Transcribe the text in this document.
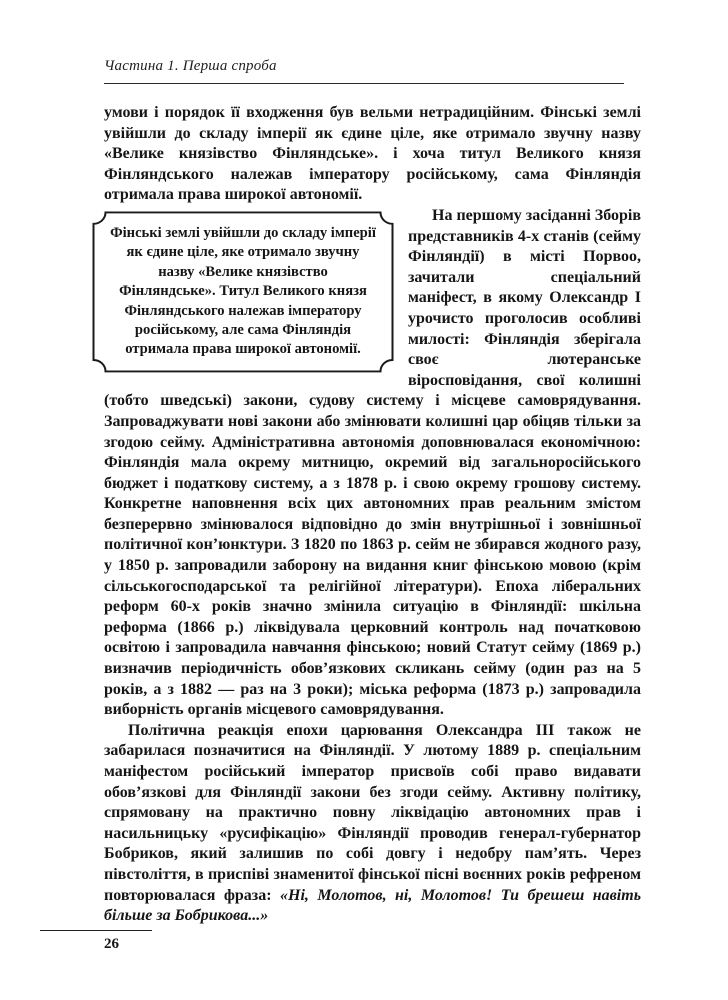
Частина 1. Перша спроба

умови і порядок її входження був вельми нетрадиційним. Фінські землі увійшли до складу імперії як єдине ціле, яке отримало звучну назву «Велике князівство Фінляндське». і хоча титул Великого князя Фінляндського належав імператору російському, сама Фінляндія отримала права широкої автономії.

Фінські землі увійшли до складу імперії як єдине ціле, яке отримало звучну назву «Велике князівство Фінляндське». Титул Великого князя Фінляндського належав імператору російському, але сама Фінляндія отримала права широкої автономії.

На першому засіданні Зборів представників 4-х станів (сейму Фінляндії) в місті Порвоо, зачитали спеціальний маніфест, в якому Олександр I урочисто проголосив особливі милості: Фінляндія зберігала своє лютеранське віросповідання, свої колишні (тобто шведські) закони, судову систему і місцеве самоврядування. Запроваджувати нові закони або змінювати колишні цар обіцяв тільки за згодою сейму. Адміністративна автономія доповнювалася економічною: Фінляндія мала окрему митницю, окремий від загальноросійського бюджет і податкову систему, а з 1878 р. і свою окрему грошову систему. Конкретне наповнення всіх цих автономних прав реальним змістом безперервно змінювалося відповідно до змін внутрішньої і зовнішньої політичної кон’юнктури. З 1820 по 1863 р. сейм не збирався жодного разу, у 1850 р. запровадили заборону на видання книг фінською мовою (крім сільськогосподарської та релігійної літератури). Епоха ліберальних реформ 60-х років значно змінила ситуацію в Фінляндії: шкільна реформа (1866 р.) ліквідувала церковний контроль над початковою освітою і запровадила навчання фінською; новий Статут сейму (1869 р.) визначив періодичність обов’язкових скликань сейму (один раз на 5 років, а з 1882 — раз на 3 роки); міська реформа (1873 р.) запровадила виборність органів місцевого самоврядування.

Політична реакція епохи царювання Олександра III також не забарилася позначитися на Фінляндії. У лютому 1889 р. спеціальним маніфестом російський імператор присвоїв собі право видавати обов’язкові для Фінляндії закони без згоди сейму. Активну політику, спрямовану на практично повну ліквідацію автономних прав і насильницьку «русифікацію» Фінляндії проводив генерал-губернатор Бобриков, який залишив по собі довгу і недобру пам’ять. Через півстоліття, в приспіві знаменитої фінської пісні воєнних років рефреном повторювалася фраза: «Ні, Молотов, ні, Молотов! Ти брешеш навіть більше за Бобрикова...»

26
